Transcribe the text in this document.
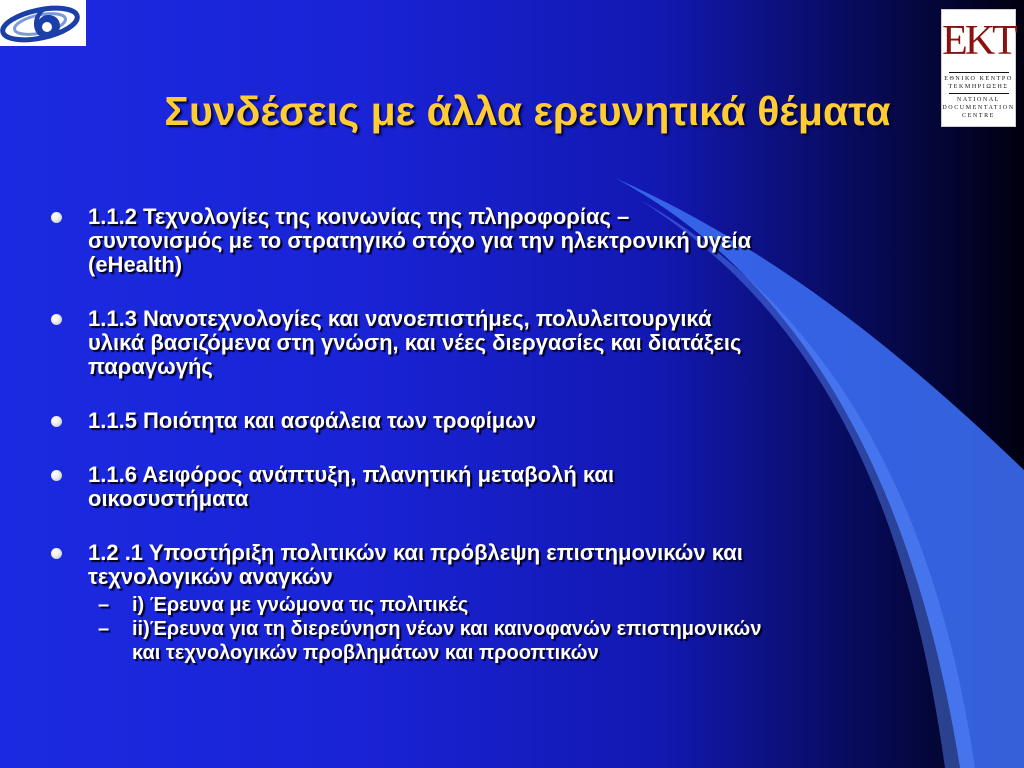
EKT
ΕΘΝΙΚΟ ΚΕΝΤΡΟ
ΤΕΚΜΗΡΙΩΣΗΣ
NATIONAL
DOCUMENTATION
CENTRE
Συνδέσεις με άλλα ερευνητικά θέματα
1.1.2 Τεχνολογίες της κοινωνίας της πληροφορίας –
συντονισμός με το στρατηγικό στόχο για την ηλεκτρονική υγεία
(eHealth)
1.1.3 Νανοτεχνολογίες και νανοεπιστήμες, πολυλειτουργικά
υλικά βασιζόμενα στη γνώση, και νέες διεργασίες και διατάξεις
παραγωγής
1.1.5 Ποιότητα και ασφάλεια των τροφίμων
1.1.6 Αειφόρος ανάπτυξη, πλανητική μεταβολή και
οικοσυστήματα
1.2 .1 Υποστήριξη πολιτικών και πρόβλεψη επιστημονικών και
τεχνολογικών αναγκών
– i) Έρευνα με γνώμονα τις πολιτικές
– ii)Έρευνα για τη διερεύνηση νέων και καινοφανών επιστημονικών
και τεχνολογικών προβλημάτων και προοπτικών
